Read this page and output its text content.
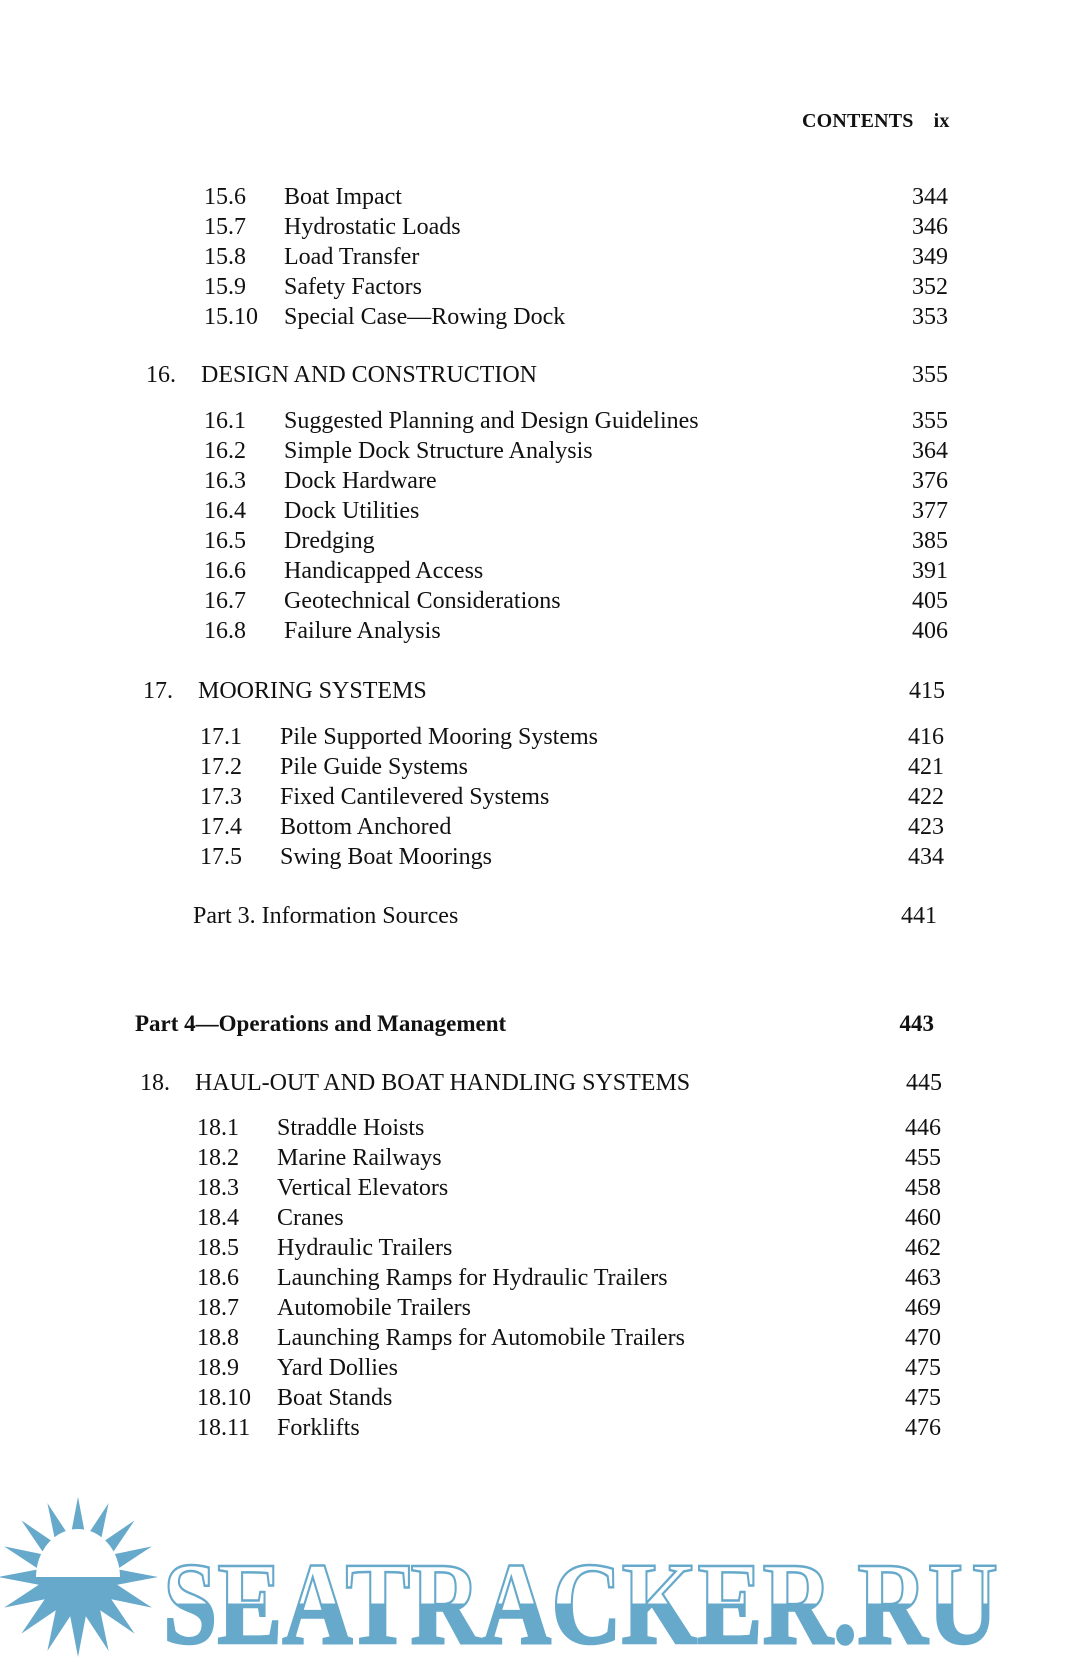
CONTENTS ix
15.6 Boat Impact	344
15.7 Hydrostatic Loads	346
15.8 Load Transfer	349
15.9 Safety Factors	352
15.10 Special Case—Rowing Dock	353
16. DESIGN AND CONSTRUCTION	355
16.1 Suggested Planning and Design Guidelines	355
16.2 Simple Dock Structure Analysis	364
16.3 Dock Hardware	376
16.4 Dock Utilities	377
16.5 Dredging	385
16.6 Handicapped Access	391
16.7 Geotechnical Considerations	405
16.8 Failure Analysis	406
17. MOORING SYSTEMS	415
17.1 Pile Supported Mooring Systems	416
17.2 Pile Guide Systems	421
17.3 Fixed Cantilevered Systems	422
17.4 Bottom Anchored	423
17.5 Swing Boat Moorings	434
Part 3. Information Sources	441
Part 4—Operations and Management	443
18. HAUL-OUT AND BOAT HANDLING SYSTEMS	445
18.1 Straddle Hoists	446
18.2 Marine Railways	455
18.3 Vertical Elevators	458
18.4 Cranes	460
18.5 Hydraulic Trailers	462
18.6 Launching Ramps for Hydraulic Trailers	463
18.7 Automobile Trailers	469
18.8 Launching Ramps for Automobile Trailers	470
18.9 Yard Dollies	475
18.10 Boat Stands	475
18.11 Forklifts	476
SEATRACKER.RU
